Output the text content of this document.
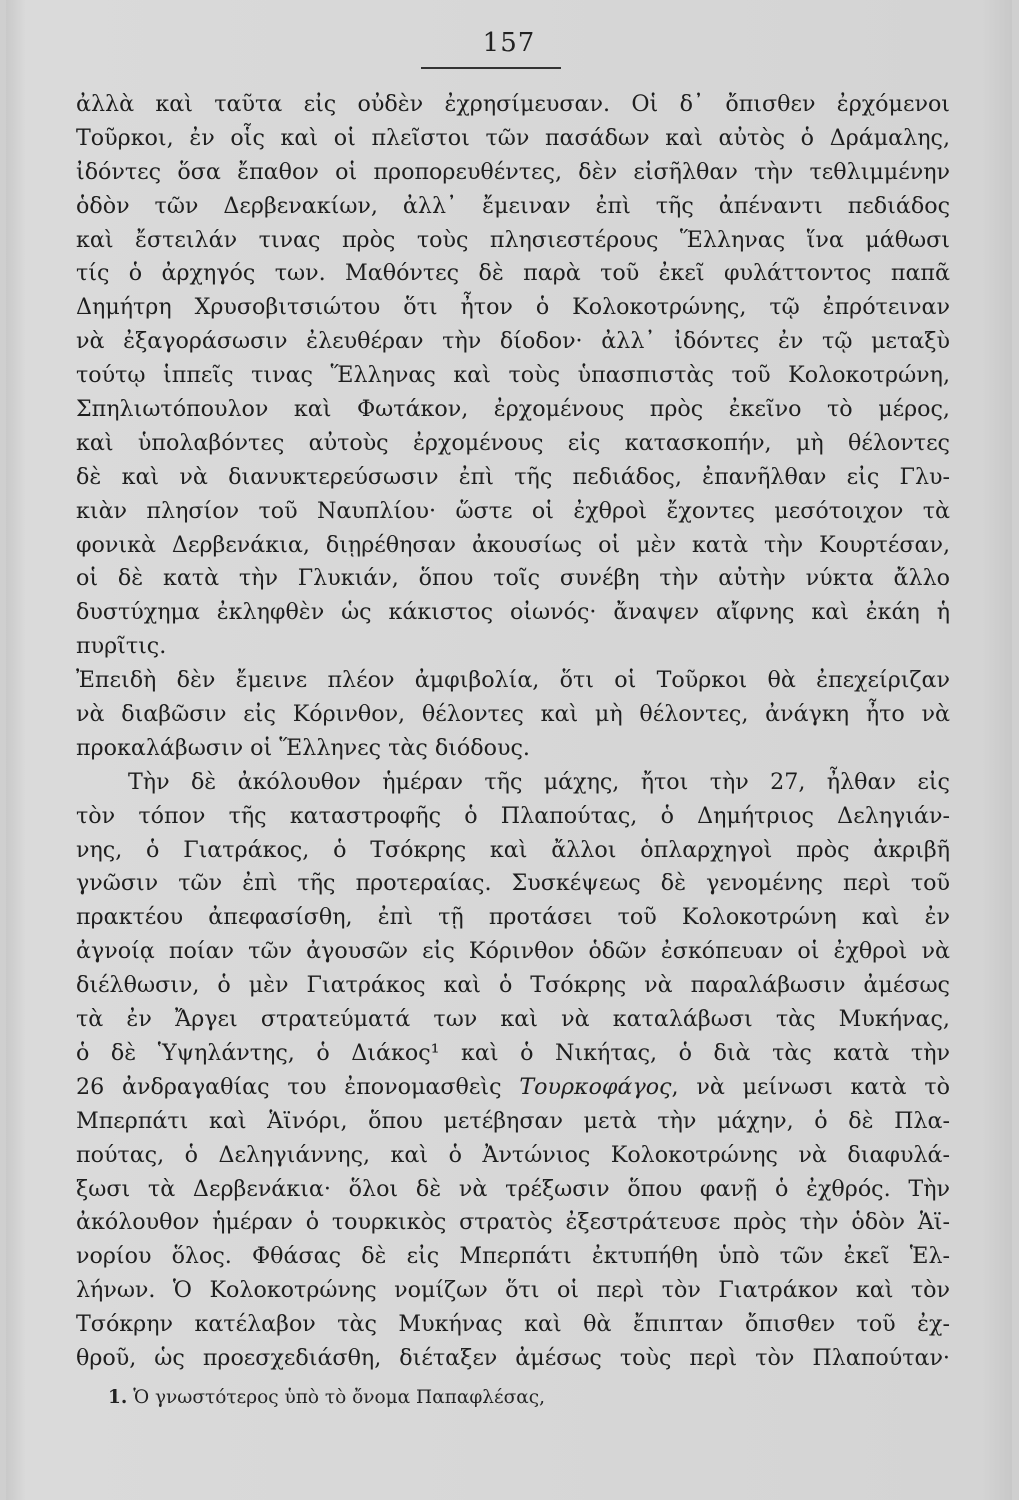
157
ἀλλὰ καὶ ταῦτα εἰς οὐδὲν ἐχρησίμευσαν. Οἱ δ᾽ ὄπισθεν ἐρχόμενοι
Τοῦρκοι, ἐν οἷς καὶ οἱ πλεῖστοι τῶν πασάδων καὶ αὐτὸς ὁ Δράμαλης,
ἰδόντες ὅσα ἔπαθον οἱ προπορευθέντες, δὲν εἰσῆλθαν τὴν τεθλιμμένην
ὁδὸν τῶν Δερβενακίων, ἀλλ᾽ ἔμειναν ἐπὶ τῆς ἀπέναντι πεδιάδος
καὶ ἔστειλάν τινας πρὸς τοὺς πλησιεστέρους Ἕλληνας ἵνα μάθωσι
τίς ὁ ἀρχηγός των. Μαθόντες δὲ παρὰ τοῦ ἐκεῖ φυλάττοντος παπᾶ
Δημήτρη Χρυσοβιτσιώτου ὅτι ἦτον ὁ Κολοκοτρώνης, τῷ ἐπρότειναν
νὰ ἐξαγοράσωσιν ἐλευθέραν τὴν δίοδον· ἀλλ᾽ ἰδόντες ἐν τῷ μεταξὺ
τούτῳ ἱππεῖς τινας Ἕλληνας καὶ τοὺς ὑπασπιστὰς τοῦ Κολοκοτρώνη,
Σπηλιωτόπουλον καὶ Φωτάκον, ἐρχομένους πρὸς ἐκεῖνο τὸ μέρος,
καὶ ὑπολαβόντες αὐτοὺς ἐρχομένους εἰς κατασκοπήν, μὴ θέλοντες
δὲ καὶ νὰ διανυκτερεύσωσιν ἐπὶ τῆς πεδιάδος, ἐπανῆλθαν εἰς Γλυ-
κιὰν πλησίον τοῦ Ναυπλίου· ὥστε οἱ ἐχθροὶ ἔχοντες μεσότοιχον τὰ
φονικὰ Δερβενάκια, διῃρέθησαν ἀκουσίως οἱ μὲν κατὰ τὴν Κουρτέσαν,
οἱ δὲ κατὰ τὴν Γλυκιάν, ὅπου τοῖς συνέβη τὴν αὐτὴν νύκτα ἄλλο
δυστύχημα ἐκληφθὲν ὡς κάκιστος οἰωνός· ἄναψεν αἴφνης καὶ ἐκάη ἡ
πυρῖτις.
Ἐπειδὴ δὲν ἔμεινε πλέον ἀμφιβολία, ὅτι οἱ Τοῦρκοι θὰ ἐπεχείριζαν
νὰ διαβῶσιν εἰς Κόρινθον, θέλοντες καὶ μὴ θέλοντες, ἀνάγκη ἦτο νὰ
προκαλάβωσιν οἱ Ἕλληνες τὰς διόδους.
Τὴν δὲ ἀκόλουθον ἡμέραν τῆς μάχης, ἤτοι τὴν 27, ἦλθαν εἰς
τὸν τόπον τῆς καταστροφῆς ὁ Πλαπούτας, ὁ Δημήτριος Δεληγιάν-
νης, ὁ Γιατράκος, ὁ Τσόκρης καὶ ἄλλοι ὁπλαρχηγοὶ πρὸς ἀκριβῆ
γνῶσιν τῶν ἐπὶ τῆς προτεραίας. Συσκέψεως δὲ γενομένης περὶ τοῦ
πρακτέου ἀπεφασίσθη, ἐπὶ τῇ προτάσει τοῦ Κολοκοτρώνη καὶ ἐν
ἀγνοίᾳ ποίαν τῶν ἀγουσῶν εἰς Κόρινθον ὁδῶν ἐσκόπευαν οἱ ἐχθροὶ νὰ
διέλθωσιν, ὁ μὲν Γιατράκος καὶ ὁ Τσόκρης νὰ παραλάβωσιν ἀμέσως
τὰ ἐν Ἄργει στρατεύματά των καὶ νὰ καταλάβωσι τὰς Μυκήνας,
ὁ δὲ Ὑψηλάντης, ὁ Διάκος¹ καὶ ὁ Νικήτας, ὁ διὰ τὰς κατὰ τὴν
26 ἀνδραγαθίας του ἐπονομασθεὶς Τουρκοφάγος, νὰ μείνωσι κατὰ τὸ
Μπερπάτι καὶ Ἁϊνόρι, ὅπου μετέβησαν μετὰ τὴν μάχην, ὁ δὲ Πλα-
πούτας, ὁ Δεληγιάννης, καὶ ὁ Ἀντώνιος Κολοκοτρώνης νὰ διαφυλά-
ξωσι τὰ Δερβενάκια· ὅλοι δὲ νὰ τρέξωσιν ὅπου φανῇ ὁ ἐχθρός. Τὴν
ἀκόλουθον ἡμέραν ὁ τουρκικὸς στρατὸς ἐξεστράτευσε πρὸς τὴν ὁδὸν Ἁϊ-
νορίου ὅλος. Φθάσας δὲ εἰς Μπερπάτι ἐκτυπήθη ὑπὸ τῶν ἐκεῖ Ἑλ-
λήνων. Ὁ Κολοκοτρώνης νομίζων ὅτι οἱ περὶ τὸν Γιατράκον καὶ τὸν
Τσόκρην κατέλαβον τὰς Μυκήνας καὶ θὰ ἔπιπταν ὄπισθεν τοῦ ἐχ-
θροῦ, ὡς προεσχεδιάσθη, διέταξεν ἀμέσως τοὺς περὶ τὸν Πλαπούταν·
1. Ὁ γνωστότερος ὑπὸ τὸ ὄνομα Παπαφλέσας,
